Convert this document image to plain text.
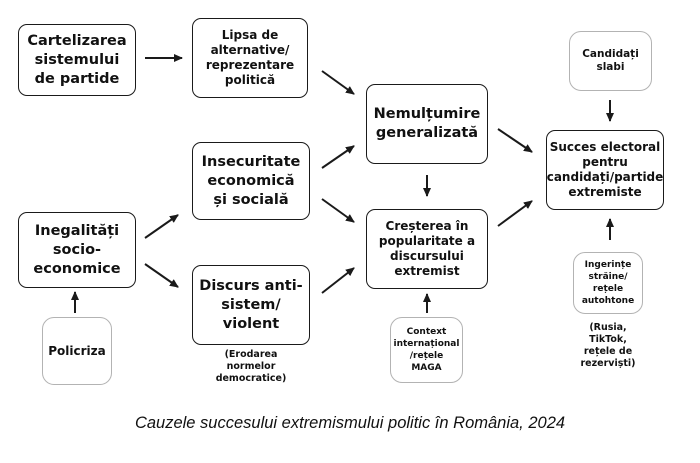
Cartelizarea
sistemului
de partide
Lipsa de
alternative/
reprezentare
politică
Nemulțumire
generalizată
Candidați
slabi
Succes electoral
pentru
candidați/partide
extremiste
Insecuritate
economică
și socială
Inegalități
socio-
economice
Creșterea în
popularitate a
discursului
extremist
Discurs anti-
sistem/
violent
(Erodarea
normelor
democratice)
Policriza
Context
internațional
/rețele
MAGA
Ingerințe
străine/
rețele
autohtone
(Rusia,
TikTok,
rețele de
rezerviști)
Cauzele succesului extremismului politic în România, 2024
